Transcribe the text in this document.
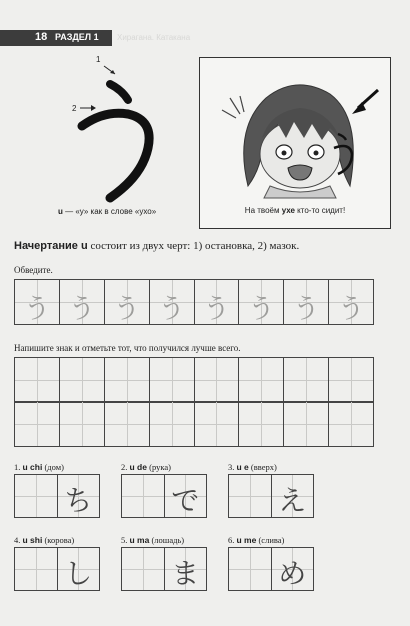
18 РАЗДЕЛ 1 Хирагана. Катакана
1
2
u — «у» как в слове «ухо»	На твоём ухе кто-то сидит!
Начертание u состоит из двух черт: 1) остановка, 2) мазок.
Обведите.
う う う う う う う う
Напишите знак и отметьте тот, что получился лучше всего.
1. u chi (дом)
ち
2. u de (рука)
で
3. u e (вверх)
え
4. u shi (корова)
し
5. u ma (лошадь)
ま
6. u me (слива)
め
